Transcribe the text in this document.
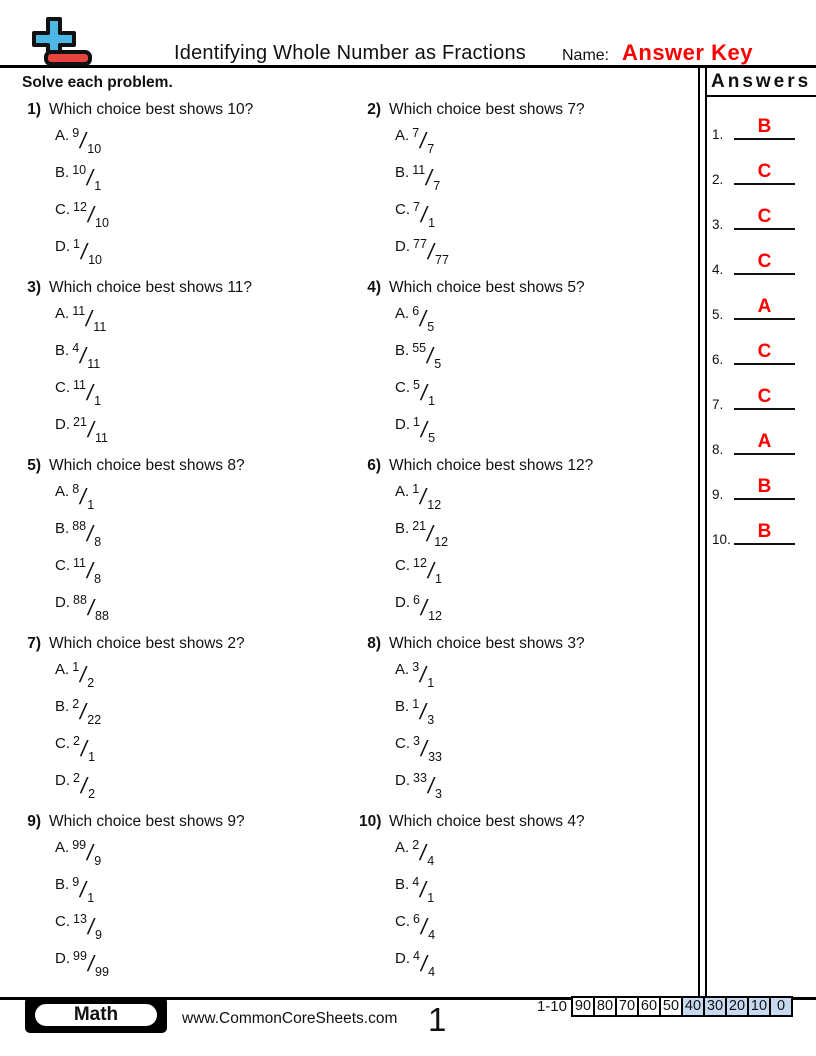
Identifying Whole Number as Fractions	Name: Answer Key
Solve each problem.
1) Which choice best shows 10?
A. 9
/
10
B. 10
/
1
C. 12
/
10
D. 1
/
10
2) Which choice best shows 7?
A. 7
/
7
B. 11
/
7
C. 7
/
1
D. 77
/
77
3) Which choice best shows 11?
A. 11
/
11
B. 4
/
11
C. 11
/
1
D. 21
/
11
4) Which choice best shows 5?
A. 6
/
5
B. 55
/
5
C. 5
/
1
D. 1
/
5
5) Which choice best shows 8?
A. 8
/
1
B. 88
/
8
C. 11
/
8
D. 88
/
88
6) Which choice best shows 12?
A. 1
/
12
B. 21
/
12
C. 12
/
1
D. 6
/
12
7) Which choice best shows 2?
A. 1
/
2
B. 2
/
22
C. 2
/
1
D. 2
/
2
8) Which choice best shows 3?
A. 3
/
1
B. 1
/
3
C. 3
/
33
D. 33
/
3
9) Which choice best shows 9?
A. 99
/
9
B. 9
/
1
C. 13
/
9
D. 99
/
99
10) Which choice best shows 4?
A. 2
/
4
B. 4
/
1
C. 6
/
4
D. 4
/
4
Answers
1.	B
2.	C
3.	C
4.	C
5.	A
6.	C
7.	C
8.	A
9.	B
10.	B
Math	www.CommonCoreSheets.com 1	1-10 90 80 70 60 50 40 30 20 10 0
